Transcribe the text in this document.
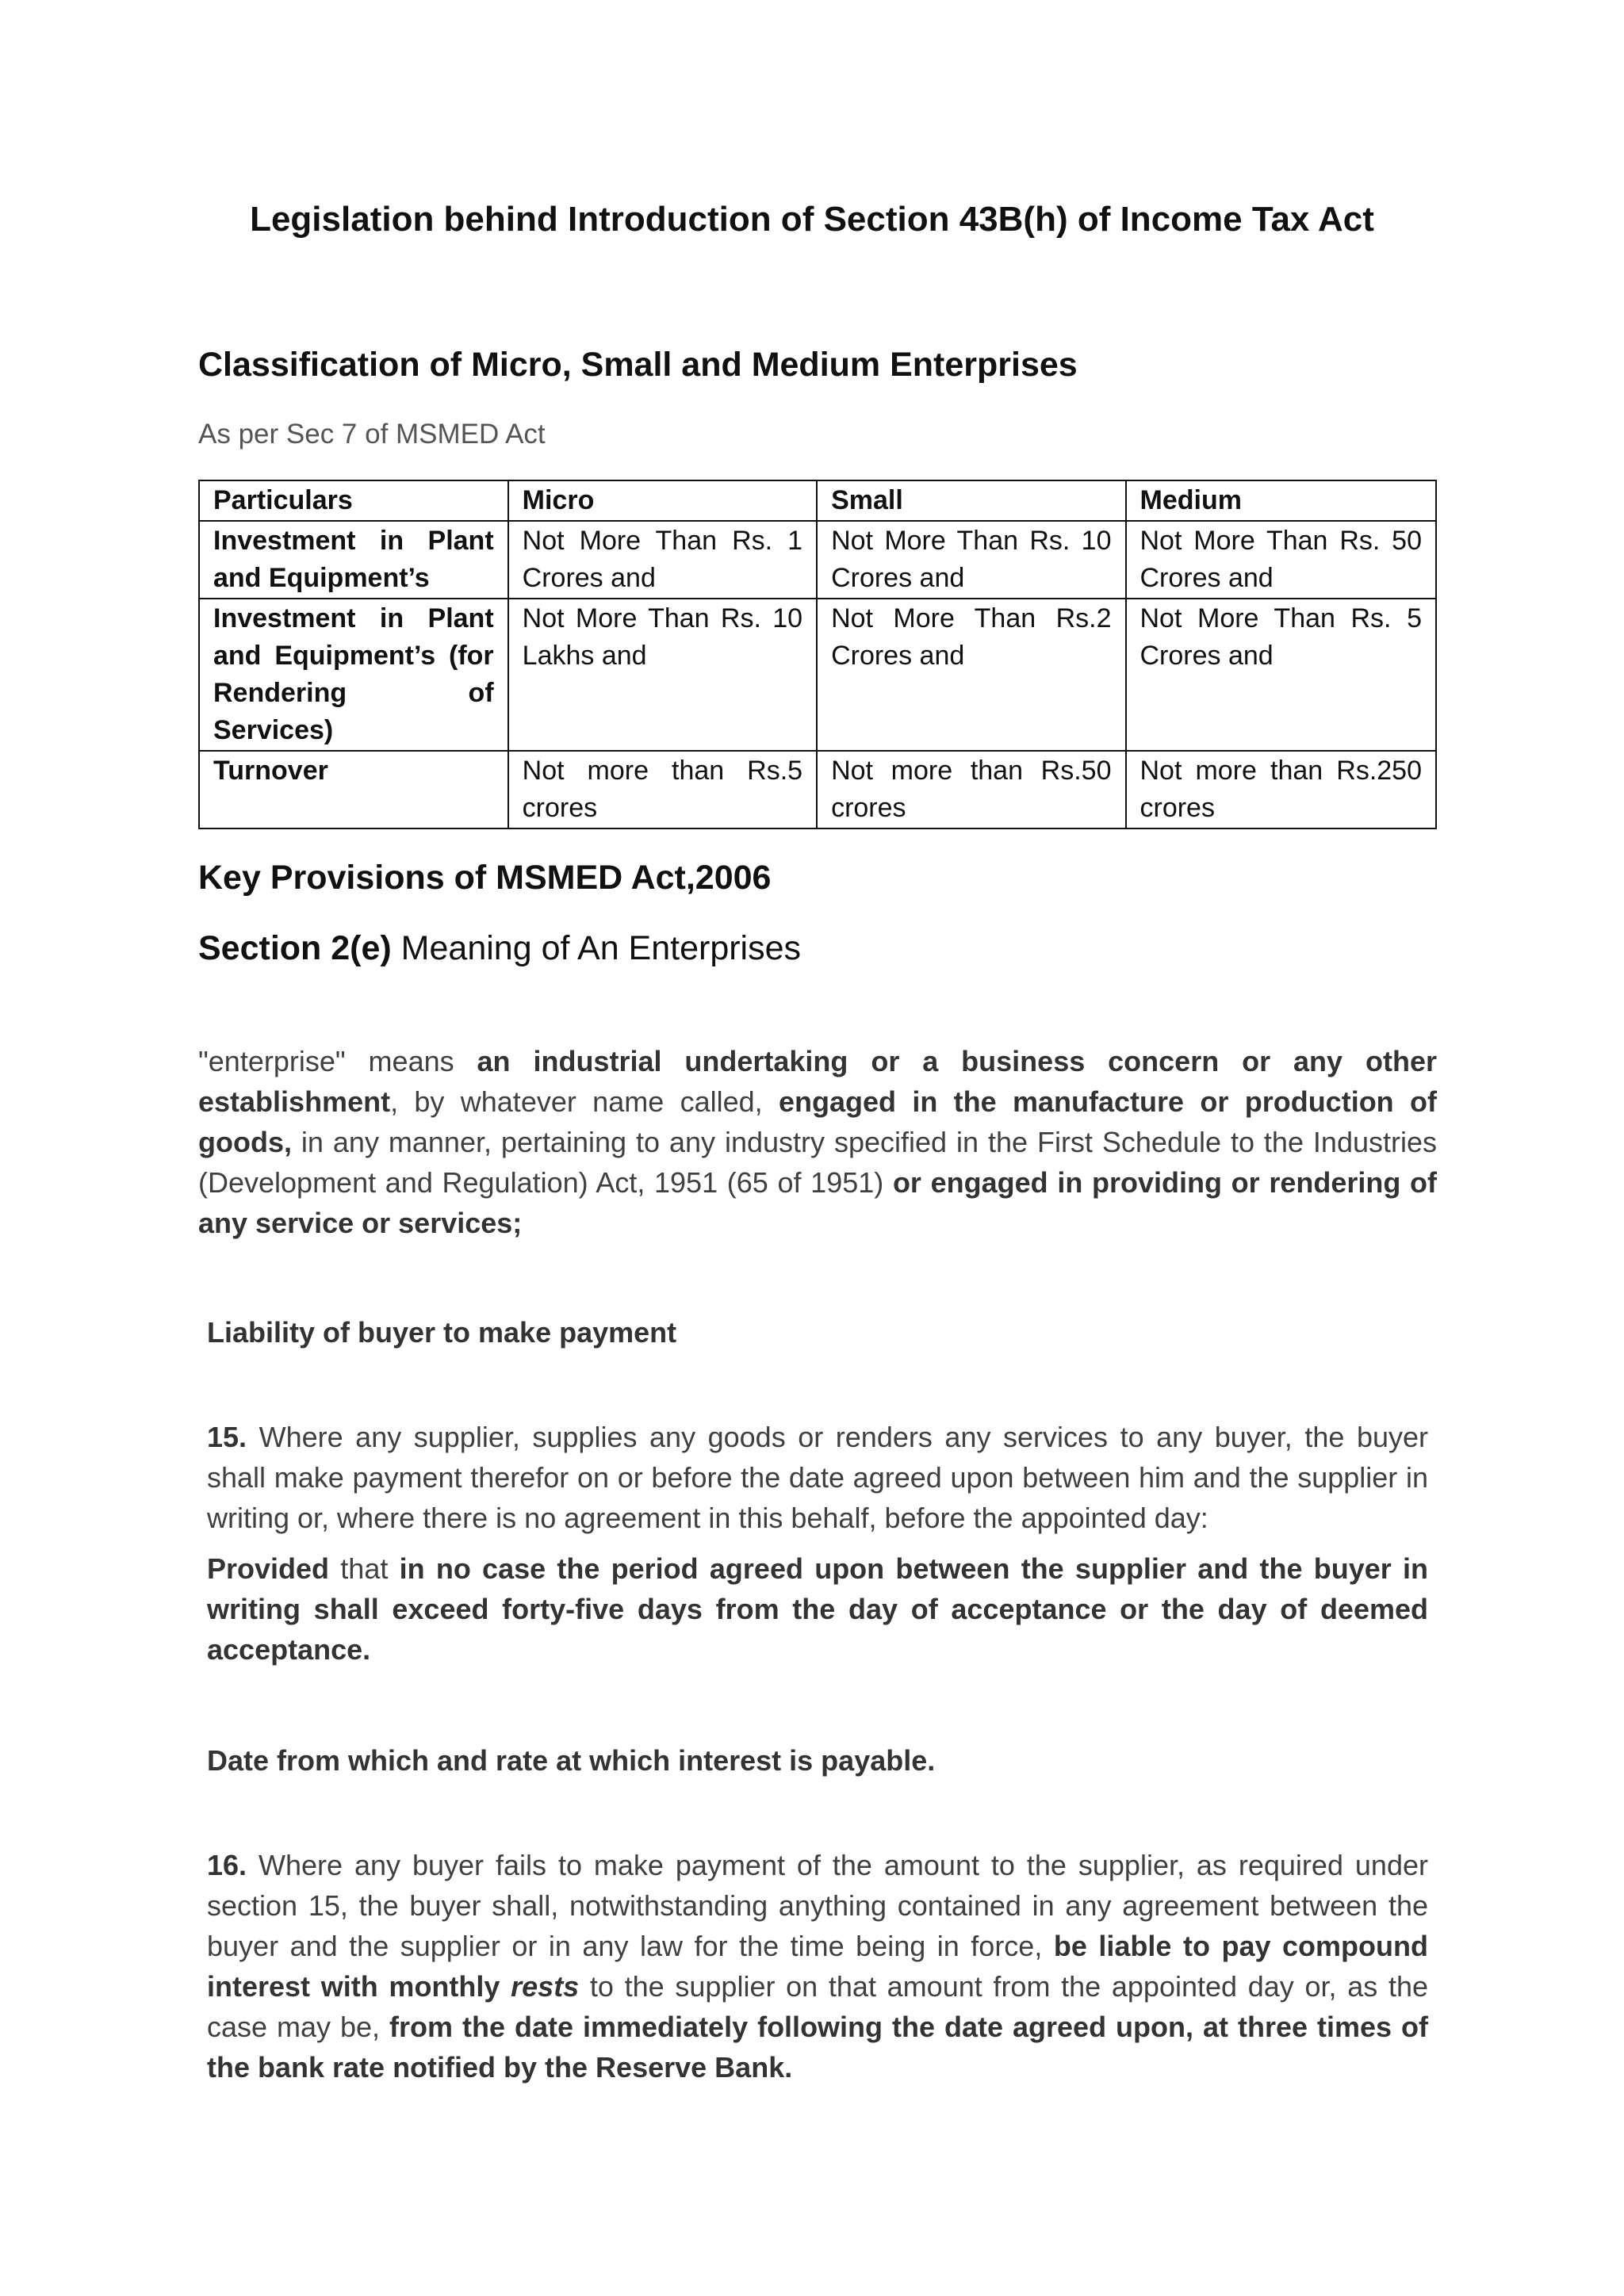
Legislation behind Introduction of Section 43B(h) of Income Tax Act
Classification of Micro, Small and Medium Enterprises

As per Sec 7 of MSMED Act

Particulars	Micro	Small	Medium
Investment in Plant and Equipment’s	Not More Than Rs. 1 Crores and	Not More Than Rs. 10 Crores and	Not More Than Rs. 50 Crores and
Investment in Plant and Equipment’s (for Rendering of Services)	Not More Than Rs. 10 Lakhs and	Not More Than Rs.2 Crores and	Not More Than Rs. 5 Crores and
Turnover	Not more than Rs.5 crores	Not more than Rs.50 crores	Not more than Rs.250 crores
Key Provisions of MSMED Act,2006
Section 2(e) Meaning of An Enterprises

"enterprise" means an industrial undertaking or a business concern or any other establishment, by whatever name called, engaged in the manufacture or production of goods, in any manner, pertaining to any industry specified in the First Schedule to the Industries (Development and Regulation) Act, 1951 (65 of 1951) or engaged in providing or rendering of any service or services;

Liability of buyer to make payment

15. Where any supplier, supplies any goods or renders any services to any buyer, the buyer shall make payment therefor on or before the date agreed upon between him and the supplier in writing or, where there is no agreement in this behalf, before the appointed day:

Provided that in no case the period agreed upon between the supplier and the buyer in writing shall exceed forty-five days from the day of acceptance or the day of deemed acceptance.

Date from which and rate at which interest is payable.

16. Where any buyer fails to make payment of the amount to the supplier, as required under section 15, the buyer shall, notwithstanding anything contained in any agreement between the buyer and the supplier or in any law for the time being in force, be liable to pay compound interest with monthly rests to the supplier on that amount from the appointed day or, as the case may be, from the date immediately following the date agreed upon, at three times of the bank rate notified by the Reserve Bank.
